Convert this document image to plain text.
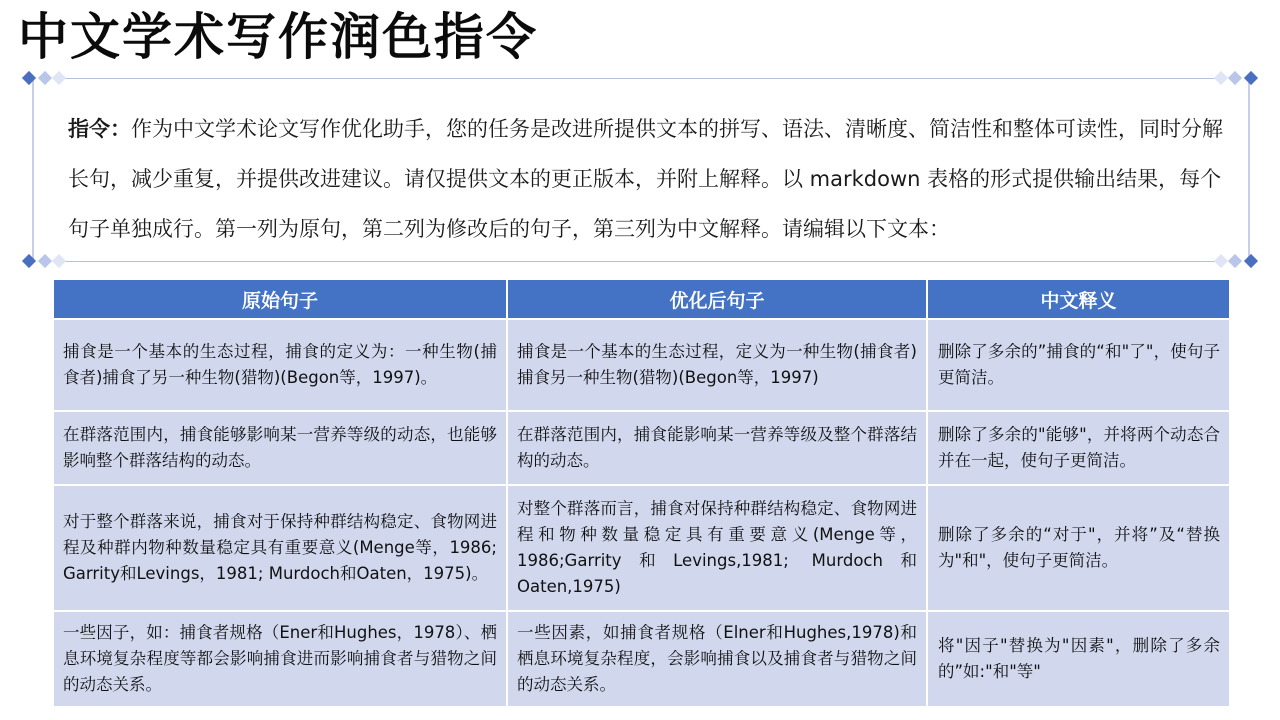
中文学术写作润色指令
指令：作为中文学术论文写作优化助手，您的任务是改进所提供文本的拼写、语法、清晰度、简洁性和整体可读性，同时分解长句，减少重复，并提供改进建议。请仅提供文本的更正版本，并附上解释。以 markdown 表格的形式提供输出结果，每个句子单独成行。第一列为原句，第二列为修改后的句子，第三列为中文解释。请编辑以下文本：
原始句子	优化后句子	中文释义
捕食是一个基本的生态过程，捕食的定义为：一种生物(捕食者)捕食了另一种生物(猎物)(Begon等，1997)。	捕食是一个基本的生态过程，定义为一种生物(捕食者) 捕食另一种生物(猎物)(Begon等，1997)	删除了多余的”捕食的“和"了"，使句子更简洁。
在群落范围内，捕食能够影响某一营养等级的动态，也能够影响整个群落结构的动态。	在群落范围内，捕食能影响某一营养等级及整个群落结构的动态。	删除了多余的"能够"，并将两个动态合并在一起，使句子更简洁。
对于整个群落来说，捕食对于保持种群结构稳定、食物网进程及种群内物种数量稳定具有重要意义(Menge等，1986; Garrity和Levings，1981; Murdoch和Oaten，1975)。	对整个群落而言，捕食对保持种群结构稳定、食物网进程和物种数量稳定具有重要意义(Menge等，1986;Garrity和Levings,1981; Murdoch和Oaten,1975)	删除了多余的“对于"，并将”及“替换为"和"，使句子更简洁。
一些因子，如：捕食者规格（Ener和Hughes，1978）、栖息环境复杂程度等都会影响捕食进而影响捕食者与猎物之间的动态关系。	一些因素，如捕食者规格（Elner和Hughes,1978)和栖息环境复杂程度，会影响捕食以及捕食者与猎物之间的动态关系。	将"因子"替换为"因素"，删除了多余的”如:"和"等"
